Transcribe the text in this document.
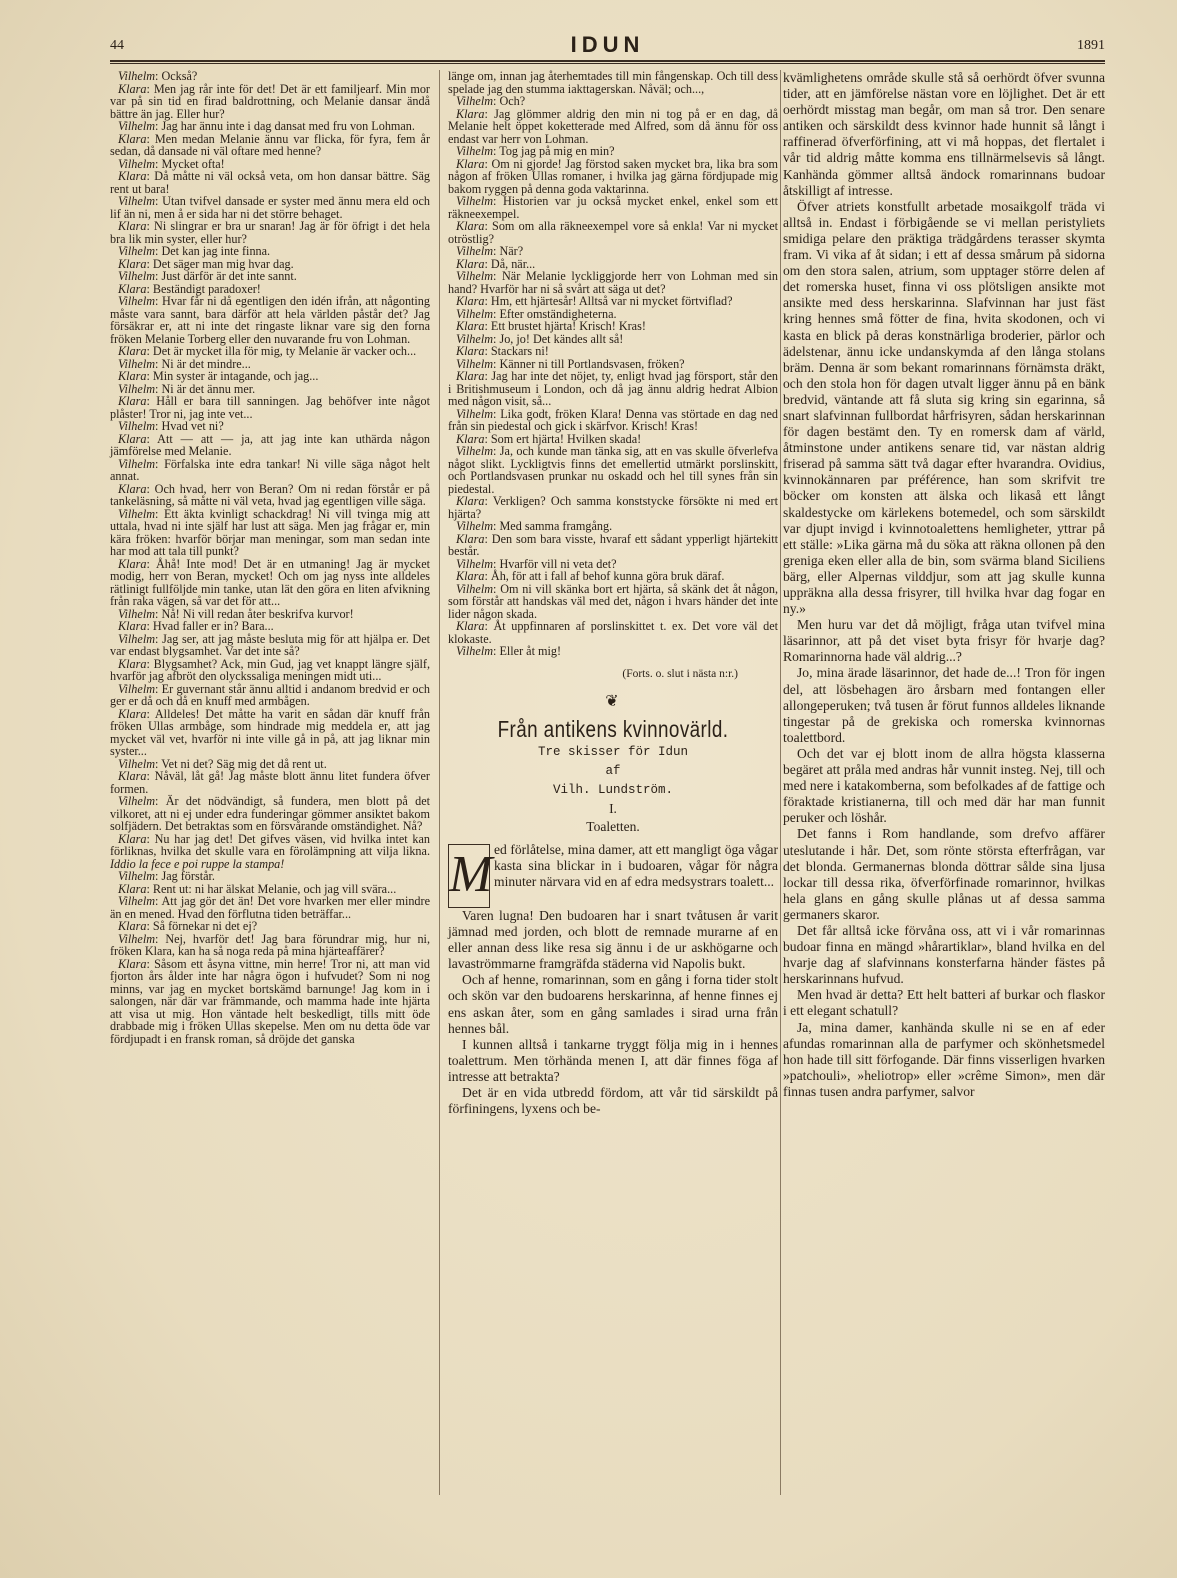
44	IDUN	1891

Vilhelm: Också?

Klara: Men jag rår inte för det! Det är ett familjearf. Min mor var på sin tid en firad baldrottning, och Melanie dansar ändå bättre än jag. Eller hur?

Vilhelm: Jag har ännu inte i dag dansat med fru von Lohman.

Klara: Men medan Melanie ännu var flicka, för fyra, fem år sedan, då dansade ni väl oftare med henne?

Vilhelm: Mycket ofta!

Klara: Då måtte ni väl också veta, om hon dansar bättre. Säg rent ut bara!

Vilhelm: Utan tvifvel dansade er syster med ännu mera eld och lif än ni, men å er sida har ni det större behaget.

Klara: Ni slingrar er bra ur snaran! Jag är för öfrigt i det hela bra lik min syster, eller hur?

Vilhelm: Det kan jag inte finna.

Klara: Det säger man mig hvar dag.

Vilhelm: Just därför är det inte sannt.

Klara: Beständigt paradoxer!

Vilhelm: Hvar får ni då egentligen den idén ifrån, att någonting måste vara sannt, bara därför att hela världen påstår det? Jag försäkrar er, att ni inte det ringaste liknar vare sig den forna fröken Melanie Torberg eller den nuvarande fru von Lohman.

Klara: Det är mycket illa för mig, ty Melanie är vacker och...

Vilhelm: Ni är det mindre...

Klara: Min syster är intagande, och jag...

Vilhelm: Ni är det ännu mer.

Klara: Håll er bara till sanningen. Jag behöfver inte något plåster! Tror ni, jag inte vet...

Vilhelm: Hvad vet ni?

Klara: Att — att — ja, att jag inte kan uthärda någon jämförelse med Melanie.

Vilhelm: Förfalska inte edra tankar! Ni ville säga något helt annat.

Klara: Och hvad, herr von Beran? Om ni redan förstår er på tankeläsning, så måtte ni väl veta, hvad jag egentligen ville säga.

Vilhelm: Ett äkta kvinligt schackdrag! Ni vill tvinga mig att uttala, hvad ni inte själf har lust att säga. Men jag frågar er, min kära fröken: hvarför börjar man meningar, som man sedan inte har mod att tala till punkt?

Klara: Åhå! Inte mod! Det är en utmaning! Jag är mycket modig, herr von Beran, mycket! Och om jag nyss inte alldeles rätlinigt fullföljde min tanke, utan lät den göra en liten afvikning från raka vägen, så var det för att...

Vilhelm: Nå! Ni vill redan åter beskrifva kurvor!

Klara: Hvad faller er in? Bara...

Vilhelm: Jag ser, att jag måste besluta mig för att hjälpa er. Det var endast blygsamhet. Var det inte så?

Klara: Blygsamhet? Ack, min Gud, jag vet knappt längre själf, hvarför jag afbröt den olyckssaliga meningen midt uti...

Vilhelm: Er guvernant står ännu alltid i andanom bredvid er och ger er då och då en knuff med armbågen.

Klara: Alldeles! Det måtte ha varit en sådan där knuff från fröken Ullas armbåge, som hindrade mig meddela er, att jag mycket väl vet, hvarför ni inte ville gå in på, att jag liknar min syster...

Vilhelm: Vet ni det? Säg mig det då rent ut.

Klara: Nåväl, låt gå! Jag måste blott ännu litet fundera öfver formen.

Vilhelm: Är det nödvändigt, så fundera, men blott på det vilkoret, att ni ej under edra funderingar gömmer ansiktet bakom solfjädern. Det betraktas som en försvårande omständighet. Nå?

Klara: Nu har jag det! Det gifves väsen, vid hvilka intet kan förliknas, hvilka det skulle vara en förolämpning att vilja likna. Iddio la fece e poi ruppe la stampa!

Vilhelm: Jag förstår.

Klara: Rent ut: ni har älskat Melanie, och jag vill svära...

Vilhelm: Att jag gör det än! Det vore hvarken mer eller mindre än en mened. Hvad den förflutna tiden beträffar...

Klara: Så förnekar ni det ej?

Vilhelm: Nej, hvarför det! Jag bara förundrar mig, hur ni, fröken Klara, kan ha så noga reda på mina hjärteaffärer?

Klara: Såsom ett åsyna vittne, min herre! Tror ni, att man vid fjorton års ålder inte har några ögon i hufvudet? Som ni nog minns, var jag en mycket bortskämd barnunge! Jag kom in i salongen, när där var främmande, och mamma hade inte hjärta att visa ut mig. Hon väntade helt beskedligt, tills mitt öde drabbade mig i fröken Ullas skepelse. Men om nu detta öde var fördjupadt i en fransk roman, så dröjde det ganska

länge om, innan jag återhemtades till min fångenskap. Och till dess spelade jag den stumma iakttagerskan. Nåväl; och...,

Vilhelm: Och?

Klara: Jag glömmer aldrig den min ni tog på er en dag, då Melanie helt öppet koketterade med Alfred, som då ännu för oss endast var herr von Lohman.

Vilhelm: Tog jag på mig en min?

Klara: Om ni gjorde! Jag förstod saken mycket bra, lika bra som någon af fröken Ullas romaner, i hvilka jag gärna fördjupade mig bakom ryggen på denna goda vaktarinna.

Vilhelm: Historien var ju också mycket enkel, enkel som ett räkneexempel.

Klara: Som om alla räkneexempel vore så enkla! Var ni mycket otröstlig?

Vilhelm: När?

Klara: Då, när...

Vilhelm: När Melanie lyckliggjorde herr von Lohman med sin hand? Hvarför har ni så svårt att säga ut det?

Klara: Hm, ett hjärtesår! Alltså var ni mycket förtviflad?

Vilhelm: Efter omständigheterna.

Klara: Ett brustet hjärta! Krisch! Kras!

Vilhelm: Jo, jo! Det kändes allt så!

Klara: Stackars ni!

Vilhelm: Känner ni till Portlandsvasen, fröken?

Klara: Jag har inte det nöjet, ty, enligt hvad jag försport, står den i Britishmuseum i London, och då jag ännu aldrig hedrat Albion med någon visit, så...

Vilhelm: Lika godt, fröken Klara! Denna vas störtade en dag ned från sin piedestal och gick i skärfvor. Krisch! Kras!

Klara: Som ert hjärta! Hvilken skada!

Vilhelm: Ja, och kunde man tänka sig, att en vas skulle öfverlefva något slikt. Lyckligtvis finns det emellertid utmärkt porslinskitt, och Portlandsvasen prunkar nu oskadd och hel till synes från sin piedestal.

Klara: Verkligen? Och samma konststycke försökte ni med ert hjärta?

Vilhelm: Med samma framgång.

Klara: Den som bara visste, hvaraf ett sådant ypperligt hjärtekitt består.

Vilhelm: Hvarför vill ni veta det?

Klara: Åh, för att i fall af behof kunna göra bruk däraf.

Vilhelm: Om ni vill skänka bort ert hjärta, så skänk det åt någon, som förstår att handskas väl med det, någon i hvars händer det inte lider någon skada.

Klara: Åt uppfinnaren af porslinskittet t. ex. Det vore väl det klokaste.

Vilhelm: Eller åt mig!

(Forts. o. slut i nästa n:r.)
❦
Från antikens kvinnovärld.
Tre skisser för Idun
af
Vilh. Lundström.
I.
Toaletten.

M ed förlåtelse, mina damer, att ett mangligt öga vågar kasta sina blickar in i budoaren, vågar för några minuter närvara vid en af edra medsystrars toalett...

Varen lugna! Den budoaren har i snart tvåtusen år varit jämnad med jorden, och blott de remnade murarne af en eller annan dess like resa sig ännu i de ur askhögarne och lavaströmmarne framgräfda städerna vid Napolis bukt.

Och af henne, romarinnan, som en gång i forna tider stolt och skön var den budoarens herskarinna, af henne finnes ej ens askan åter, som en gång samlades i sirad urna från hennes bål.

I kunnen alltså i tankarne tryggt följa mig in i hennes toalettrum. Men törhända menen I, att där finnes föga af intresse att betrakta?

Det är en vida utbredd fördom, att vår tid särskildt på förfiningens, lyxens och be-

kvämlighetens område skulle stå så oerhördt öfver svunna tider, att en jämförelse nästan vore en löjlighet. Det är ett oerhördt misstag man begår, om man så tror. Den senare antiken och särskildt dess kvinnor hade hunnit så långt i raffinerad öfverförfining, att vi må hoppas, det flertalet i vår tid aldrig måtte komma ens tillnärmelsevis så långt. Kanhända gömmer alltså ändock romarinnans budoar åtskilligt af intresse.

Öfver atriets konstfullt arbetade mosaikgolf träda vi alltså in. Endast i förbigående se vi mellan peristyliets smidiga pelare den präktiga trädgårdens terasser skymta fram. Vi vika af åt sidan; i ett af dessa smårum på sidorna om den stora salen, atrium, som upptager större delen af det romerska huset, finna vi oss plötsligen ansikte mot ansikte med dess herskarinna. Slafvinnan har just fäst kring hennes små fötter de fina, hvita skodonen, och vi kasta en blick på deras konstnärliga broderier, pärlor och ädelstenar, ännu icke undanskymda af den långa stolans bräm. Denna är som bekant romarinnans förnämsta dräkt, och den stola hon för dagen utvalt ligger ännu på en bänk bredvid, väntande att få sluta sig kring sin egarinna, så snart slafvinnan fullbordat hårfrisyren, sådan herskarinnan för dagen bestämt den. Ty en romersk dam af värld, åtminstone under antikens senare tid, var nästan aldrig friserad på samma sätt två dagar efter hvarandra. Ovidius, kvinnokännaren par préférence, han som skrifvit tre böcker om konsten att älska och likaså ett långt skaldestycke om kärlekens botemedel, och som särskildt var djupt invigd i kvinnotoalettens hemligheter, yttrar på ett ställe: »Lika gärna må du söka att räkna ollonen på den greniga eken eller alla de bin, som svärma bland Siciliens bärg, eller Alpernas vilddjur, som att jag skulle kunna uppräkna alla dessa frisyrer, till hvilka hvar dag fogar en ny.»

Men huru var det då möjligt, fråga utan tvifvel mina läsarinnor, att på det viset byta frisyr för hvarje dag? Romarinnorna hade väl aldrig...?

Jo, mina ärade läsarinnor, det hade de...! Tron för ingen del, att lösbehagen äro årsbarn med fontangen eller allongeperuken; två tusen år förut funnos alldeles liknande tingestar på de grekiska och romerska kvinnornas toalettbord.

Och det var ej blott inom de allra högsta klasserna begäret att pråla med andras hår vunnit insteg. Nej, till och med nere i katakomberna, som befolkades af de fattige och föraktade kristianerna, till och med där har man funnit peruker och löshår.

Det fanns i Rom handlande, som drefvo affärer uteslutande i hår. Det, som rönte största efterfrågan, var det blonda. Germanernas blonda döttrar sålde sina ljusa lockar till dessa rika, öfverförfinade romarinnor, hvilkas hela glans en gång skulle plånas ut af dessa samma germaners skaror.

Det får alltså icke förvåna oss, att vi i vår romarinnas budoar finna en mängd »hårartiklar», bland hvilka en del hvarje dag af slafvinnans konsterfarna händer fästes på herskarinnans hufvud.

Men hvad är detta? Ett helt batteri af burkar och flaskor i ett elegant schatull?

Ja, mina damer, kanhända skulle ni se en af eder afundas romarinnan alla de parfymer och skönhetsmedel hon hade till sitt förfogande. Där finns visserligen hvarken »patchouli», »heliotrop» eller »crême Simon», men där finnas tusen andra parfymer, salvor
